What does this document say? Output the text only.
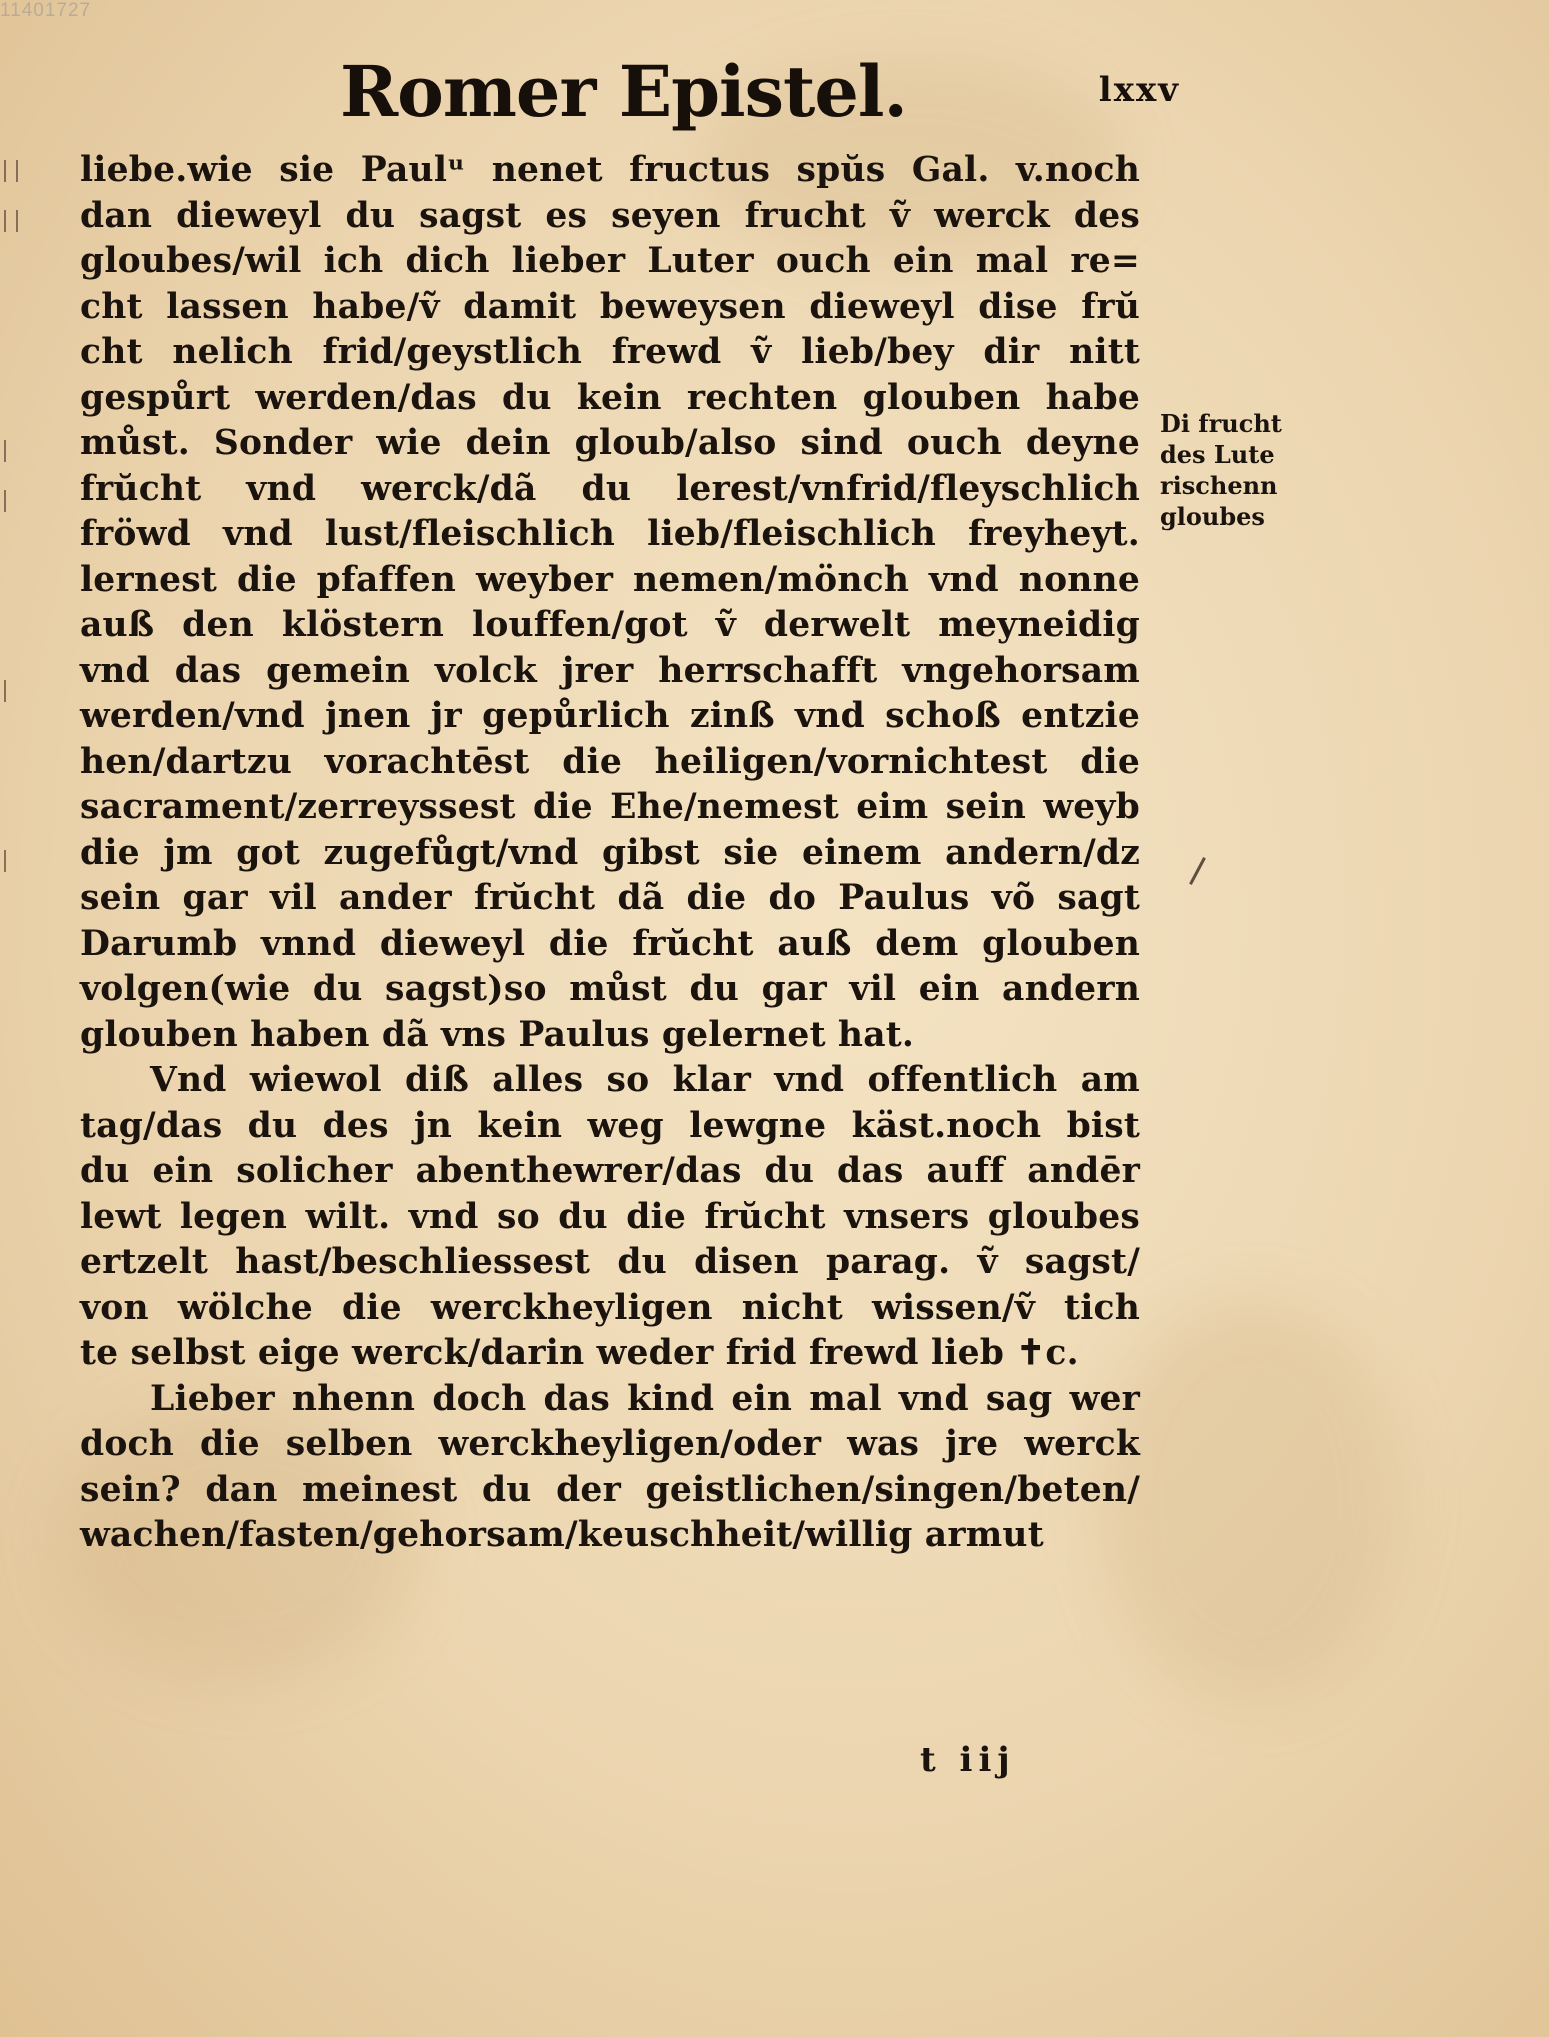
11401727
Romer Epistel.	lxxv
liebe.wie sie Paulᵘ nenet fructus spŭs Gal. v.noch
dan dieweyl du sagst es seyen frucht ṽ werck des
gloubes/wil ich dich lieber Luter ouch ein mal re=
cht lassen habe/ṽ damit beweysen dieweyl dise frŭ
cht nelich frid/geystlich frewd ṽ lieb/bey dir nitt
gespůrt werden/das du kein rechten glouben habe
můst. Sonder wie dein gloub/also sind ouch deyne
frŭcht vnd werck/dã du lerest/vnfrid/fleyschlich
fröwd vnd lust/fleischlich lieb/fleischlich freyheyt.
lernest die pfaffen weyber nemen/mönch vnd nonne
auß den klöstern louffen/got ṽ derwelt meyneidig
vnd das gemein volck jrer herrschafft vngehorsam
werden/vnd jnen jr gepůrlich zinß vnd schoß entzie
hen/dartzu vorachtēst die heiligen/vornichtest die
sacrament/zerreyssest die Ehe/nemest eim sein weyb
die jm got zugefůgt/vnd gibst sie einem andern/dz
sein gar vil ander frŭcht dã die do Paulus võ sagt
Darumb vnnd dieweyl die frŭcht auß dem glouben
volgen(wie du sagst)so můst du gar vil ein andern
glouben haben dã vns Paulus gelernet hat.
Vnd wiewol diß alles so klar vnd offentlich am
tag/das du des jn kein weg lewgne käst.noch bist
du ein solicher abenthewrer/das du das auff andēr
lewt legen wilt. vnd so du die frŭcht vnsers gloubes
ertzelt hast/beschliessest du disen parag. ṽ sagst/
von wölche die werckheyligen nicht wissen/ṽ tich
te selbst eige werck/darin weder frid frewd lieb ✝c.
Lieber nhenn doch das kind ein mal vnd sag wer
doch die selben werckheyligen/oder was jre werck
sein? dan meinest du der geistlichen/singen/beten/
wachen/fasten/gehorsam/keuschheit/willig armut
Di frucht
des Lute
rischenn
gloubes
t iij
